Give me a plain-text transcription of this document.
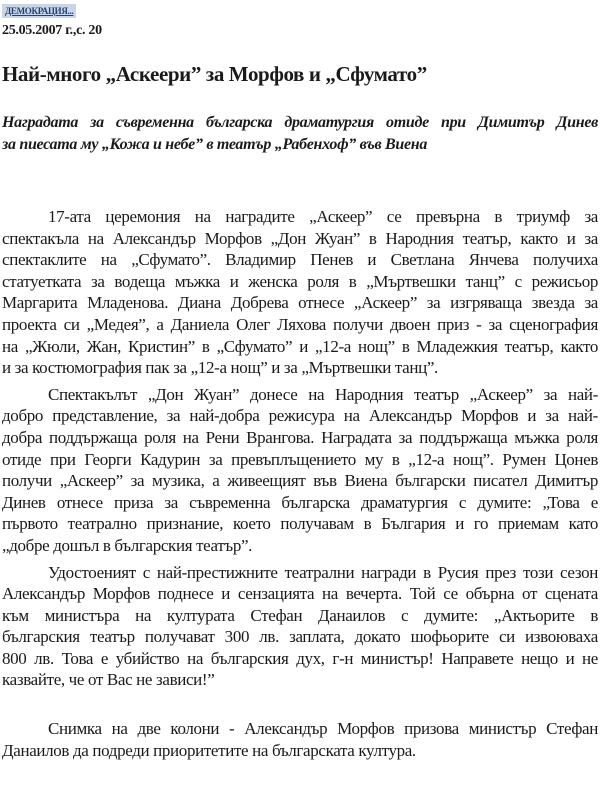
ДЕМОКРАЦИЯ...
25.05.2007 г.,с. 20
Най-много „Аскеери” за Морфов и „Сфумато”
Наградата за съвременна българска драматургия отиде при Димитър Динев
за пиесата му „Кожа и небе” в театър „Рабенхоф” във Виена
17-ата церемония на наградите „Аскеер” се превърна в триумф за
спектакъла на Александър Морфов „Дон Жуан” в Народния театър, както и за
спектаклите на „Сфумато”. Владимир Пенев и Светлана Янчева получиха
статуетката за водеща мъжка и женска роля в „Мъртвешки танц” с режисьор
Маргарита Младенова. Диана Добрева отнесе „Аскеер” за изгряваща звезда за
проекта си „Медея”, а Даниела Олег Ляхова получи двоен приз - за сценография
на „Жюли, Жан, Кристин” в „Сфумато” и „12-а нощ” в Младежкия театър, както
и за костюмография пак за „12-а нощ” и за „Мъртвешки танц”.
Спектакълът „Дон Жуан” донесе на Народния театър „Аскеер” за най-
добро представление, за най-добра режисура на Александър Морфов и за най-
добра поддържаща роля на Рени Врангова. Наградата за поддържаща мъжка роля
отиде при Георги Кадурин за превъплъщението му в „12-а нощ”. Румен Цонев
получи „Аскеер” за музика, а живеещият във Виена български писател Димитър
Динев отнесе приза за съвременна българска драматургия с думите: „Това е
първото театрално признание, което получавам в България и го приемам като
„добре дошъл в българския театър”.
Удостоеният с най-престижните театрални награди в Русия през този сезон
Александър Морфов поднесе и сензацията на вечерта. Той се обърна от сцената
към министъра на културата Стефан Данаилов с думите: „Актьорите в
българския театър получават 300 лв. заплата, докато шофьорите си извоюваха
800 лв. Това е убийство на българския дух, г-н министър! Направете нещо и не
казвайте, че от Вас не зависи!”
Снимка на две колони - Александър Морфов призова министър Стефан
Данаилов да подреди приоритетите на българската култура.
